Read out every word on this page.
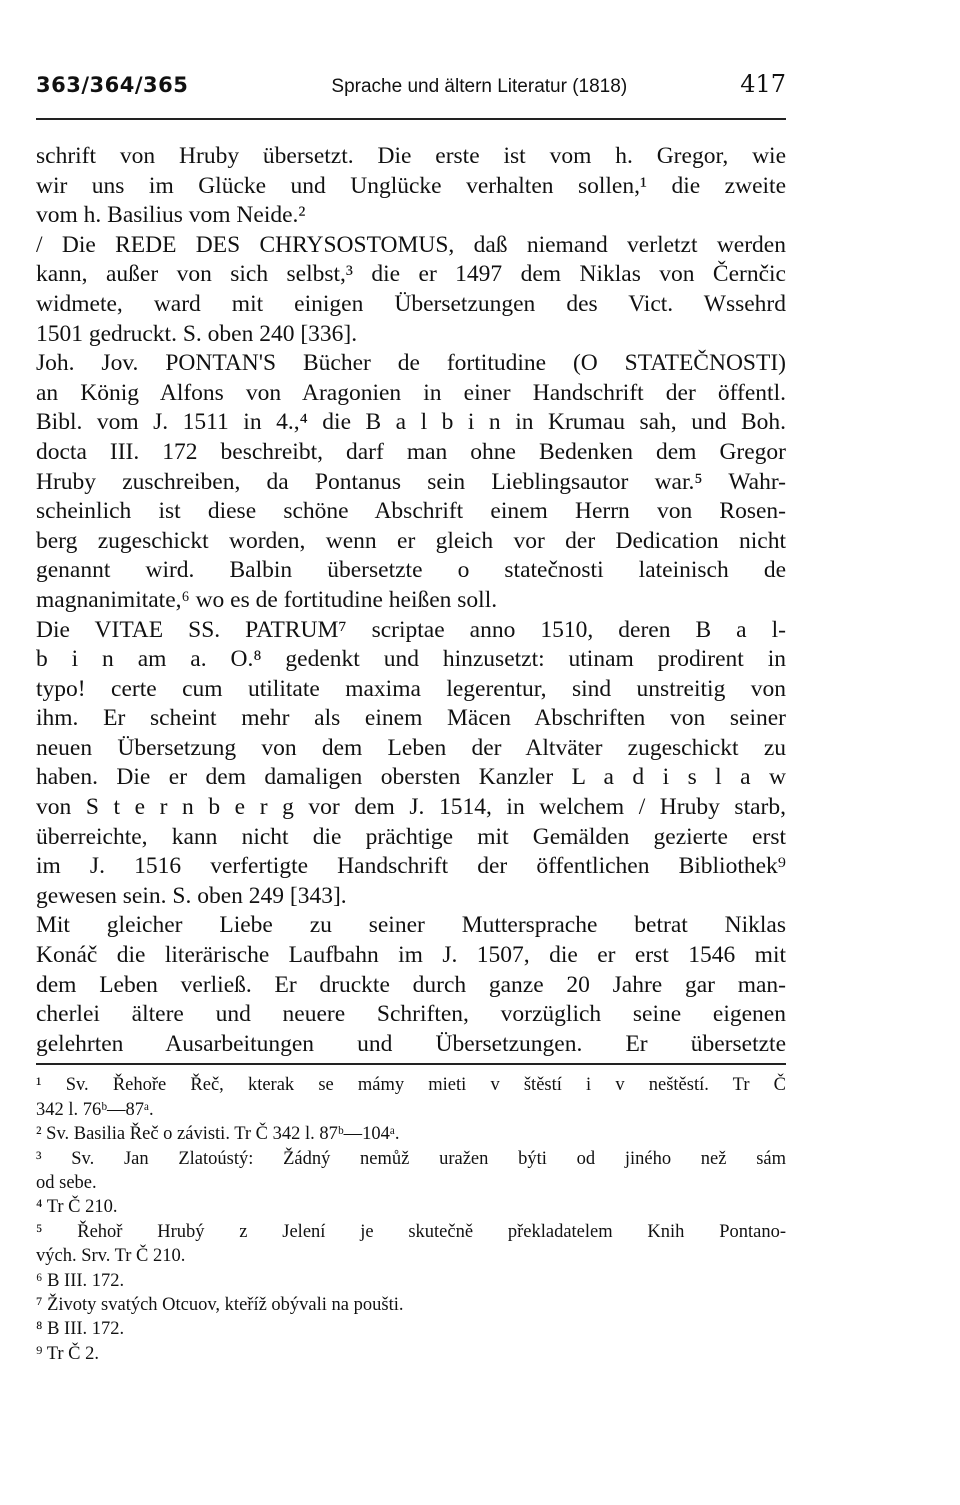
363/364/365	Sprache und ältern Literatur (1818)	417
schrift von Hruby übersetzt. Die erste ist vom h. Gregor, wie
wir uns im Glücke und Unglücke verhalten sollen,¹ die zweite
vom h. Basilius vom Neide.²
/ Die REDE DES CHRYSOSTOMUS, daß niemand verletzt werden
kann, außer von sich selbst,³ die er 1497 dem Niklas von Černčic
widmete, ward mit einigen Übersetzungen des Vict. Wssehrd
1501 gedruckt. S. oben 240 [336].
Joh. Jov. PONTAN'S Bücher de fortitudine (O STATEČNOSTI)
an König Alfons von Aragonien in einer Handschrift der öffentl.
Bibl. vom J. 1511 in 4.,⁴ die B a l b i n in Krumau sah, und Boh.
docta III. 172 beschreibt, darf man ohne Bedenken dem Gregor
Hruby zuschreiben, da Pontanus sein Lieblingsautor war.⁵ Wahr-
scheinlich ist diese schöne Abschrift einem Herrn von Rosen-
berg zugeschickt worden, wenn er gleich vor der Dedication nicht
genannt wird. Balbin übersetzte o statečnosti lateinisch de
magnanimitate,⁶ wo es de fortitudine heißen soll.
Die VITAE SS. PATRUM⁷ scriptae anno 1510, deren B a l-
b i n am a. O.⁸ gedenkt und hinzusetzt: utinam prodirent in
typo! certe cum utilitate maxima legerentur, sind unstreitig von
ihm. Er scheint mehr als einem Mäcen Abschriften von seiner
neuen Übersetzung von dem Leben der Altväter zugeschickt zu
haben. Die er dem damaligen obersten Kanzler L a d i s l a w
von S t e r n b e r g vor dem J. 1514, in welchem / Hruby starb,
überreichte, kann nicht die prächtige mit Gemälden gezierte erst
im J. 1516 verfertigte Handschrift der öffentlichen Bibliothek⁹
gewesen sein. S. oben 249 [343].
Mit gleicher Liebe zu seiner Muttersprache betrat Niklas
Konáč die literärische Laufbahn im J. 1507, die er erst 1546 mit
dem Leben verließ. Er druckte durch ganze 20 Jahre gar man-
cherlei ältere und neuere Schriften, vorzüglich seine eigenen
gelehrten Ausarbeitungen und Übersetzungen. Er übersetzte
¹ Sv. Řehoře Řeč, kterak se mámy mieti v štěstí i v neštěstí. Tr Č
342 l. 76ᵇ—87ᵃ.
² Sv. Basilia Řeč o závisti. Tr Č 342 l. 87ᵇ—104ᵃ.
³ Sv. Jan Zlatoústý: Žádný nemůž uražen býti od jiného než sám
od sebe.
⁴ Tr Č 210.
⁵ Řehoř Hrubý z Jelení je skutečně překladatelem Knih Pontano-
vých. Srv. Tr Č 210.
⁶ B III. 172.
⁷ Životy svatých Otcuov, kteříž obývali na poušti.
⁸ B III. 172.
⁹ Tr Č 2.
